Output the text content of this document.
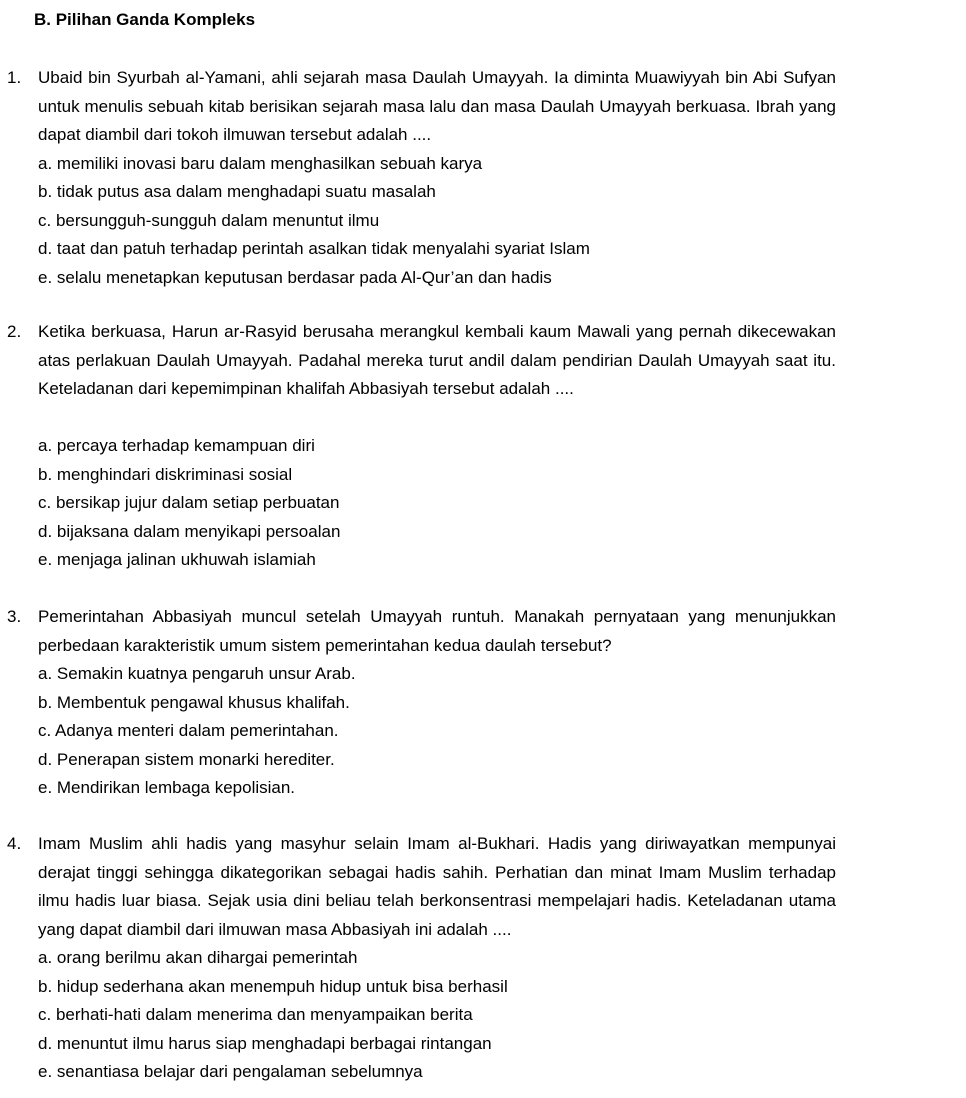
B. Pilihan Ganda Kompleks
1. Ubaid bin Syurbah al-Yamani, ahli sejarah masa Daulah Umayyah. Ia diminta Muawiyyah bin Abi Sufyan untuk menulis sebuah kitab berisikan sejarah masa lalu dan masa Daulah Umayyah berkuasa. Ibrah yang dapat diambil dari tokoh ilmuwan tersebut adalah ....
a. memiliki inovasi baru dalam menghasilkan sebuah karya
b. tidak putus asa dalam menghadapi suatu masalah
c. bersungguh-sungguh dalam menuntut ilmu
d. taat dan patuh terhadap perintah asalkan tidak menyalahi syariat Islam
e. selalu menetapkan keputusan berdasar pada Al-Qur’an dan hadis
2. Ketika berkuasa, Harun ar-Rasyid berusaha merangkul kembali kaum Mawali yang pernah dikecewakan atas perlakuan Daulah Umayyah. Padahal mereka turut andil dalam pendirian Daulah Umayyah saat itu. Keteladanan dari kepemimpinan khalifah Abbasiyah tersebut adalah ....
a. percaya terhadap kemampuan diri
b. menghindari diskriminasi sosial
c. bersikap jujur dalam setiap perbuatan
d. bijaksana dalam menyikapi persoalan
e. menjaga jalinan ukhuwah islamiah
3. Pemerintahan Abbasiyah muncul setelah Umayyah runtuh. Manakah pernyataan yang menunjukkan perbedaan karakteristik umum sistem pemerintahan kedua daulah tersebut?
a. Semakin kuatnya pengaruh unsur Arab.
b. Membentuk pengawal khusus khalifah.
c. Adanya menteri dalam pemerintahan.
d. Penerapan sistem monarki herediter.
e. Mendirikan lembaga kepolisian.
4. Imam Muslim ahli hadis yang masyhur selain Imam al-Bukhari. Hadis yang diriwayatkan mempunyai derajat tinggi sehingga dikategorikan sebagai hadis sahih. Perhatian dan minat Imam Muslim terhadap ilmu hadis luar biasa. Sejak usia dini beliau telah berkonsentrasi mempelajari hadis. Keteladanan utama yang dapat diambil dari ilmuwan masa Abbasiyah ini adalah ....
a. orang berilmu akan dihargai pemerintah
b. hidup sederhana akan menempuh hidup untuk bisa berhasil
c. berhati-hati dalam menerima dan menyampaikan berita
d. menuntut ilmu harus siap menghadapi berbagai rintangan
e. senantiasa belajar dari pengalaman sebelumnya
